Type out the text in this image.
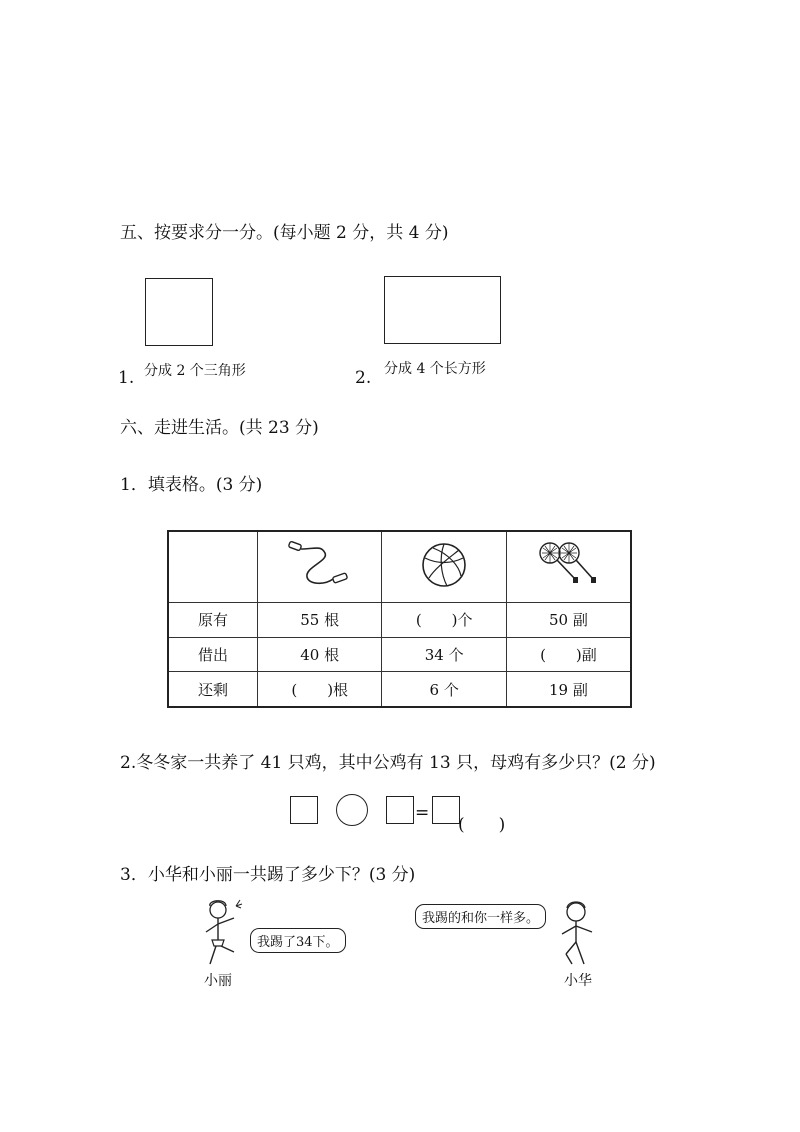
五、按要求分一分。(每小题 2 分，共 4 分)
1. 分成 2 个三角形	2. 分成 4 个长方形
六、走进生活。(共 23 分)
1．填表格。(3 分)

原有	55 根	(　　)个	50 副
借出	40 根	34 个	(　　)副
还剩	(　　)根	6 个	19 副
2.冬冬家一共养了 41 只鸡，其中公鸡有 13 只，母鸡有多少只？(2 分)
=
(　　)
3．小华和小丽一共踢了多少下？(3 分)
我踢了34下。
小丽
我踢的和你一样多。
小华
